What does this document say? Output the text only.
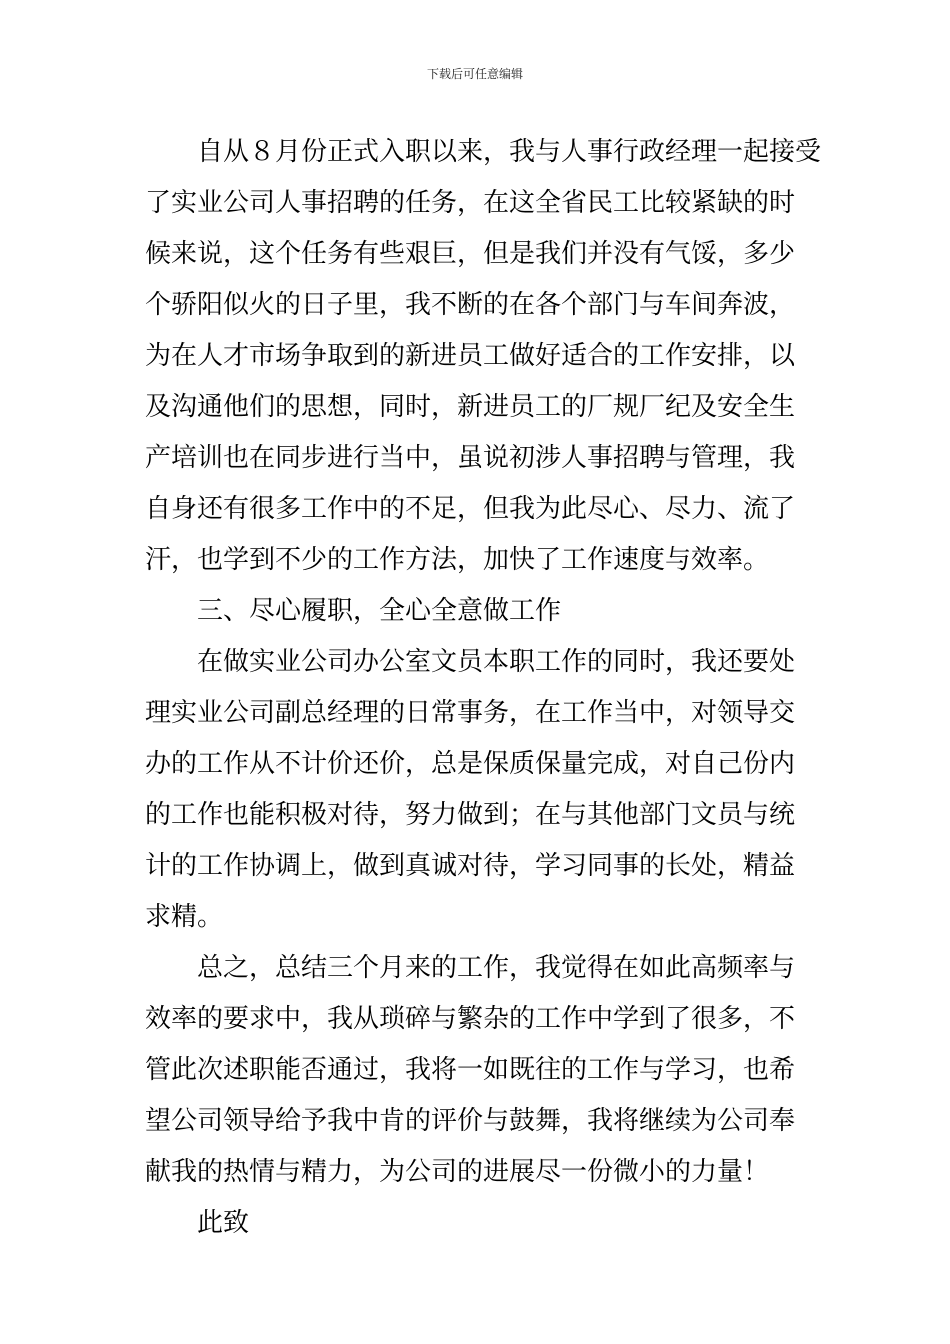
下载后可任意编辑
自从８月份正式入职以来，我与人事行政经理一起接受
了实业公司人事招聘的任务，在这全省民工比较紧缺的时
候来说，这个任务有些艰巨，但是我们并没有气馁，多少
个骄阳似火的日子里，我不断的在各个部门与车间奔波，
为在人才市场争取到的新进员工做好适合的工作安排，以
及沟通他们的思想，同时，新进员工的厂规厂纪及安全生
产培训也在同步进行当中，虽说初涉人事招聘与管理，我
自身还有很多工作中的不足，但我为此尽心、尽力、流了
汗，也学到不少的工作方法，加快了工作速度与效率。
三、尽心履职，全心全意做工作
在做实业公司办公室文员本职工作的同时，我还要处
理实业公司副总经理的日常事务，在工作当中，对领导交
办的工作从不计价还价，总是保质保量完成，对自己份内
的工作也能积极对待，努力做到；在与其他部门文员与统
计的工作协调上，做到真诚对待，学习同事的长处，精益
求精。
总之，总结三个月来的工作，我觉得在如此高频率与
效率的要求中，我从琐碎与繁杂的工作中学到了很多，不
管此次述职能否通过，我将一如既往的工作与学习，也希
望公司领导给予我中肯的评价与鼓舞，我将继续为公司奉
献我的热情与精力，为公司的进展尽一份微小的力量！
此致
